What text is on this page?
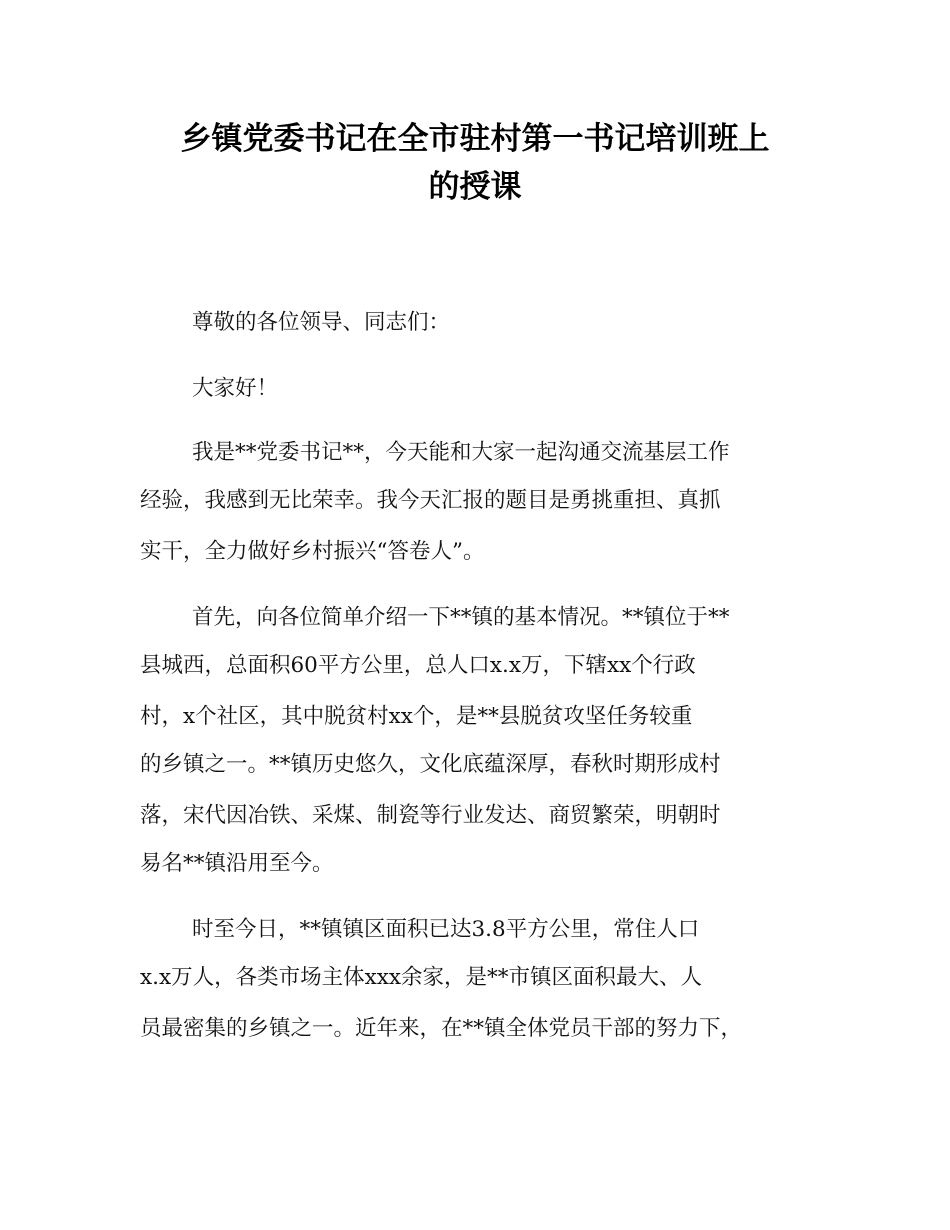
乡镇党委书记在全市驻村第一书记培训班上
的授课

尊敬的各位领导、同志们：

大家好！

我是**党委书记**，今天能和大家一起沟通交流基层工作

经验，我感到无比荣幸。我今天汇报的题目是勇挑重担、真抓

实干，全力做好乡村振兴“答卷人”。

首先，向各位简单介绍一下**镇的基本情况。**镇位于**

县城西，总面积60平方公里，总人口x.x万，下辖xx个行政

村，x个社区，其中脱贫村xx个，是**县脱贫攻坚任务较重

的乡镇之一。**镇历史悠久，文化底蕴深厚，春秋时期形成村

落，宋代因冶铁、采煤、制瓷等行业发达、商贸繁荣，明朝时

易名**镇沿用至今。

时至今日，**镇镇区面积已达3.8平方公里，常住人口

x.x万人，各类市场主体xxx余家，是**市镇区面积最大、人

员最密集的乡镇之一。近年来，在**镇全体党员干部的努力下，
